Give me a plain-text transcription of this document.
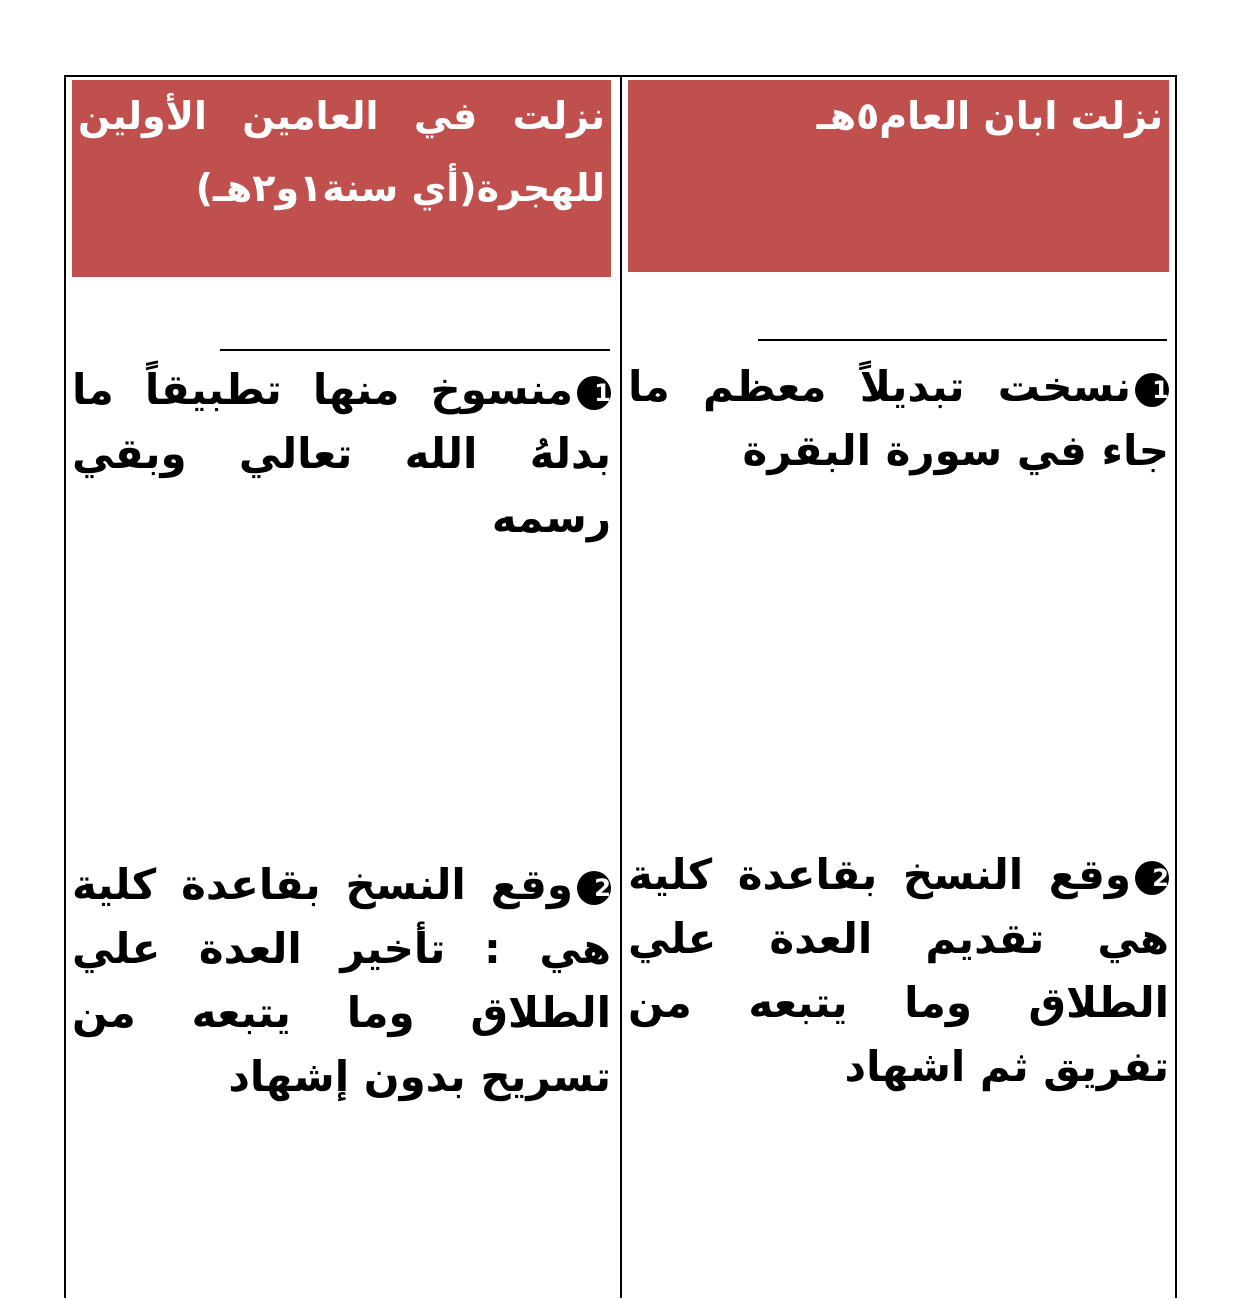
نزلت ابان العام٥هـ
1نسخت تبديلاً معظم ما جاء في سورة البقرة
2وقع النسخ بقاعدة كلية هي تقديم العدة علي الطلاق وما يتبعه من تفريق ثم اشهاد
نزلت
في
العامين
الأولين
للهجرة(أي سنة١و٢هـ)
1منسوخ منها تطبيقاً ما بدلهُ الله تعالي وبقي رسمه
2وقع النسخ بقاعدة كلية هي : تأخير العدة علي الطلاق وما يتبعه من تسريح بدون إشهاد
